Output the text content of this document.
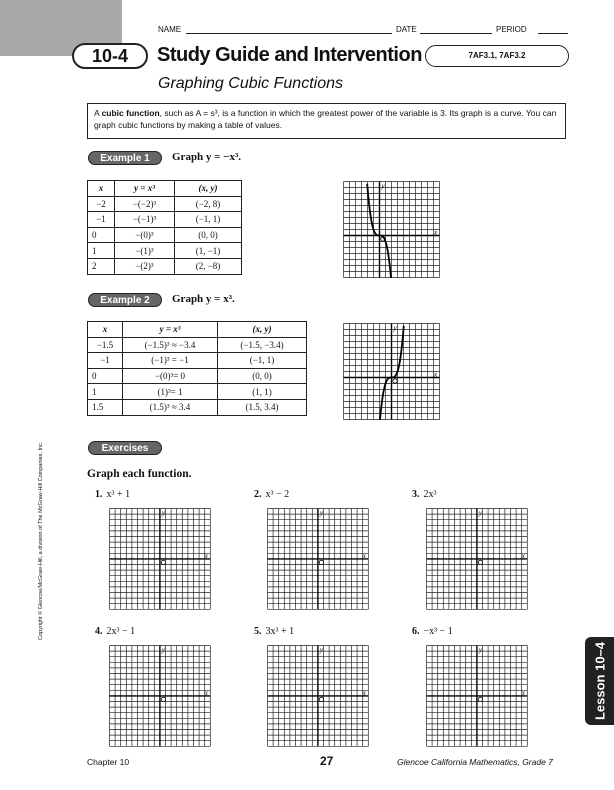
NAME	DATE	PERIOD
10-4	Study Guide and Intervention
Graphing Cubic Functions
7AF3.1, 7AF3.2
A cubic function, such as A = s³, is a function in which the greatest power of the variable is 3. Its graph is a curve. You can graph cubic functions by making a table of values.
Example 1	Graph y = −x³.
x	y = x³	(x, y)
−2	−(−2)³	(−2, 8)
−1	−(−1)³	(−1, 1)
0	−(0)³	(0, 0)
1	−(1)³	(1, −1)
2	−(2)³	(2, −8)
x
y
Example 2	Graph y = x³.
x	y = x³	(x, y)
−1.5	(−1.5)³ ≈ −3.4	(−1.5, −3.4)
−1	(−1)³ = −1	(−1, 1)
0	−(0)³= 0	(0, 0)
1	(1)³= 1	(1, 1)
1.5	(1.5)³ ≈ 3.4	(1.5, 3.4)
x
y
Exercises
Graph each function.
1. x³ + 1	2. x³ − 2	3. 2x³
4. 2x³ − 1	5. 3x³ + 1	6. −x³ − 1
x
y
x
y
x
y
x
y
x
y
x
y	Lesson 10–4
Copyright © Glencoe/McGraw-Hill, a division of The McGraw-Hill Companies, Inc.
Chapter 10	27	Glencoe California Mathematics, Grade 7
